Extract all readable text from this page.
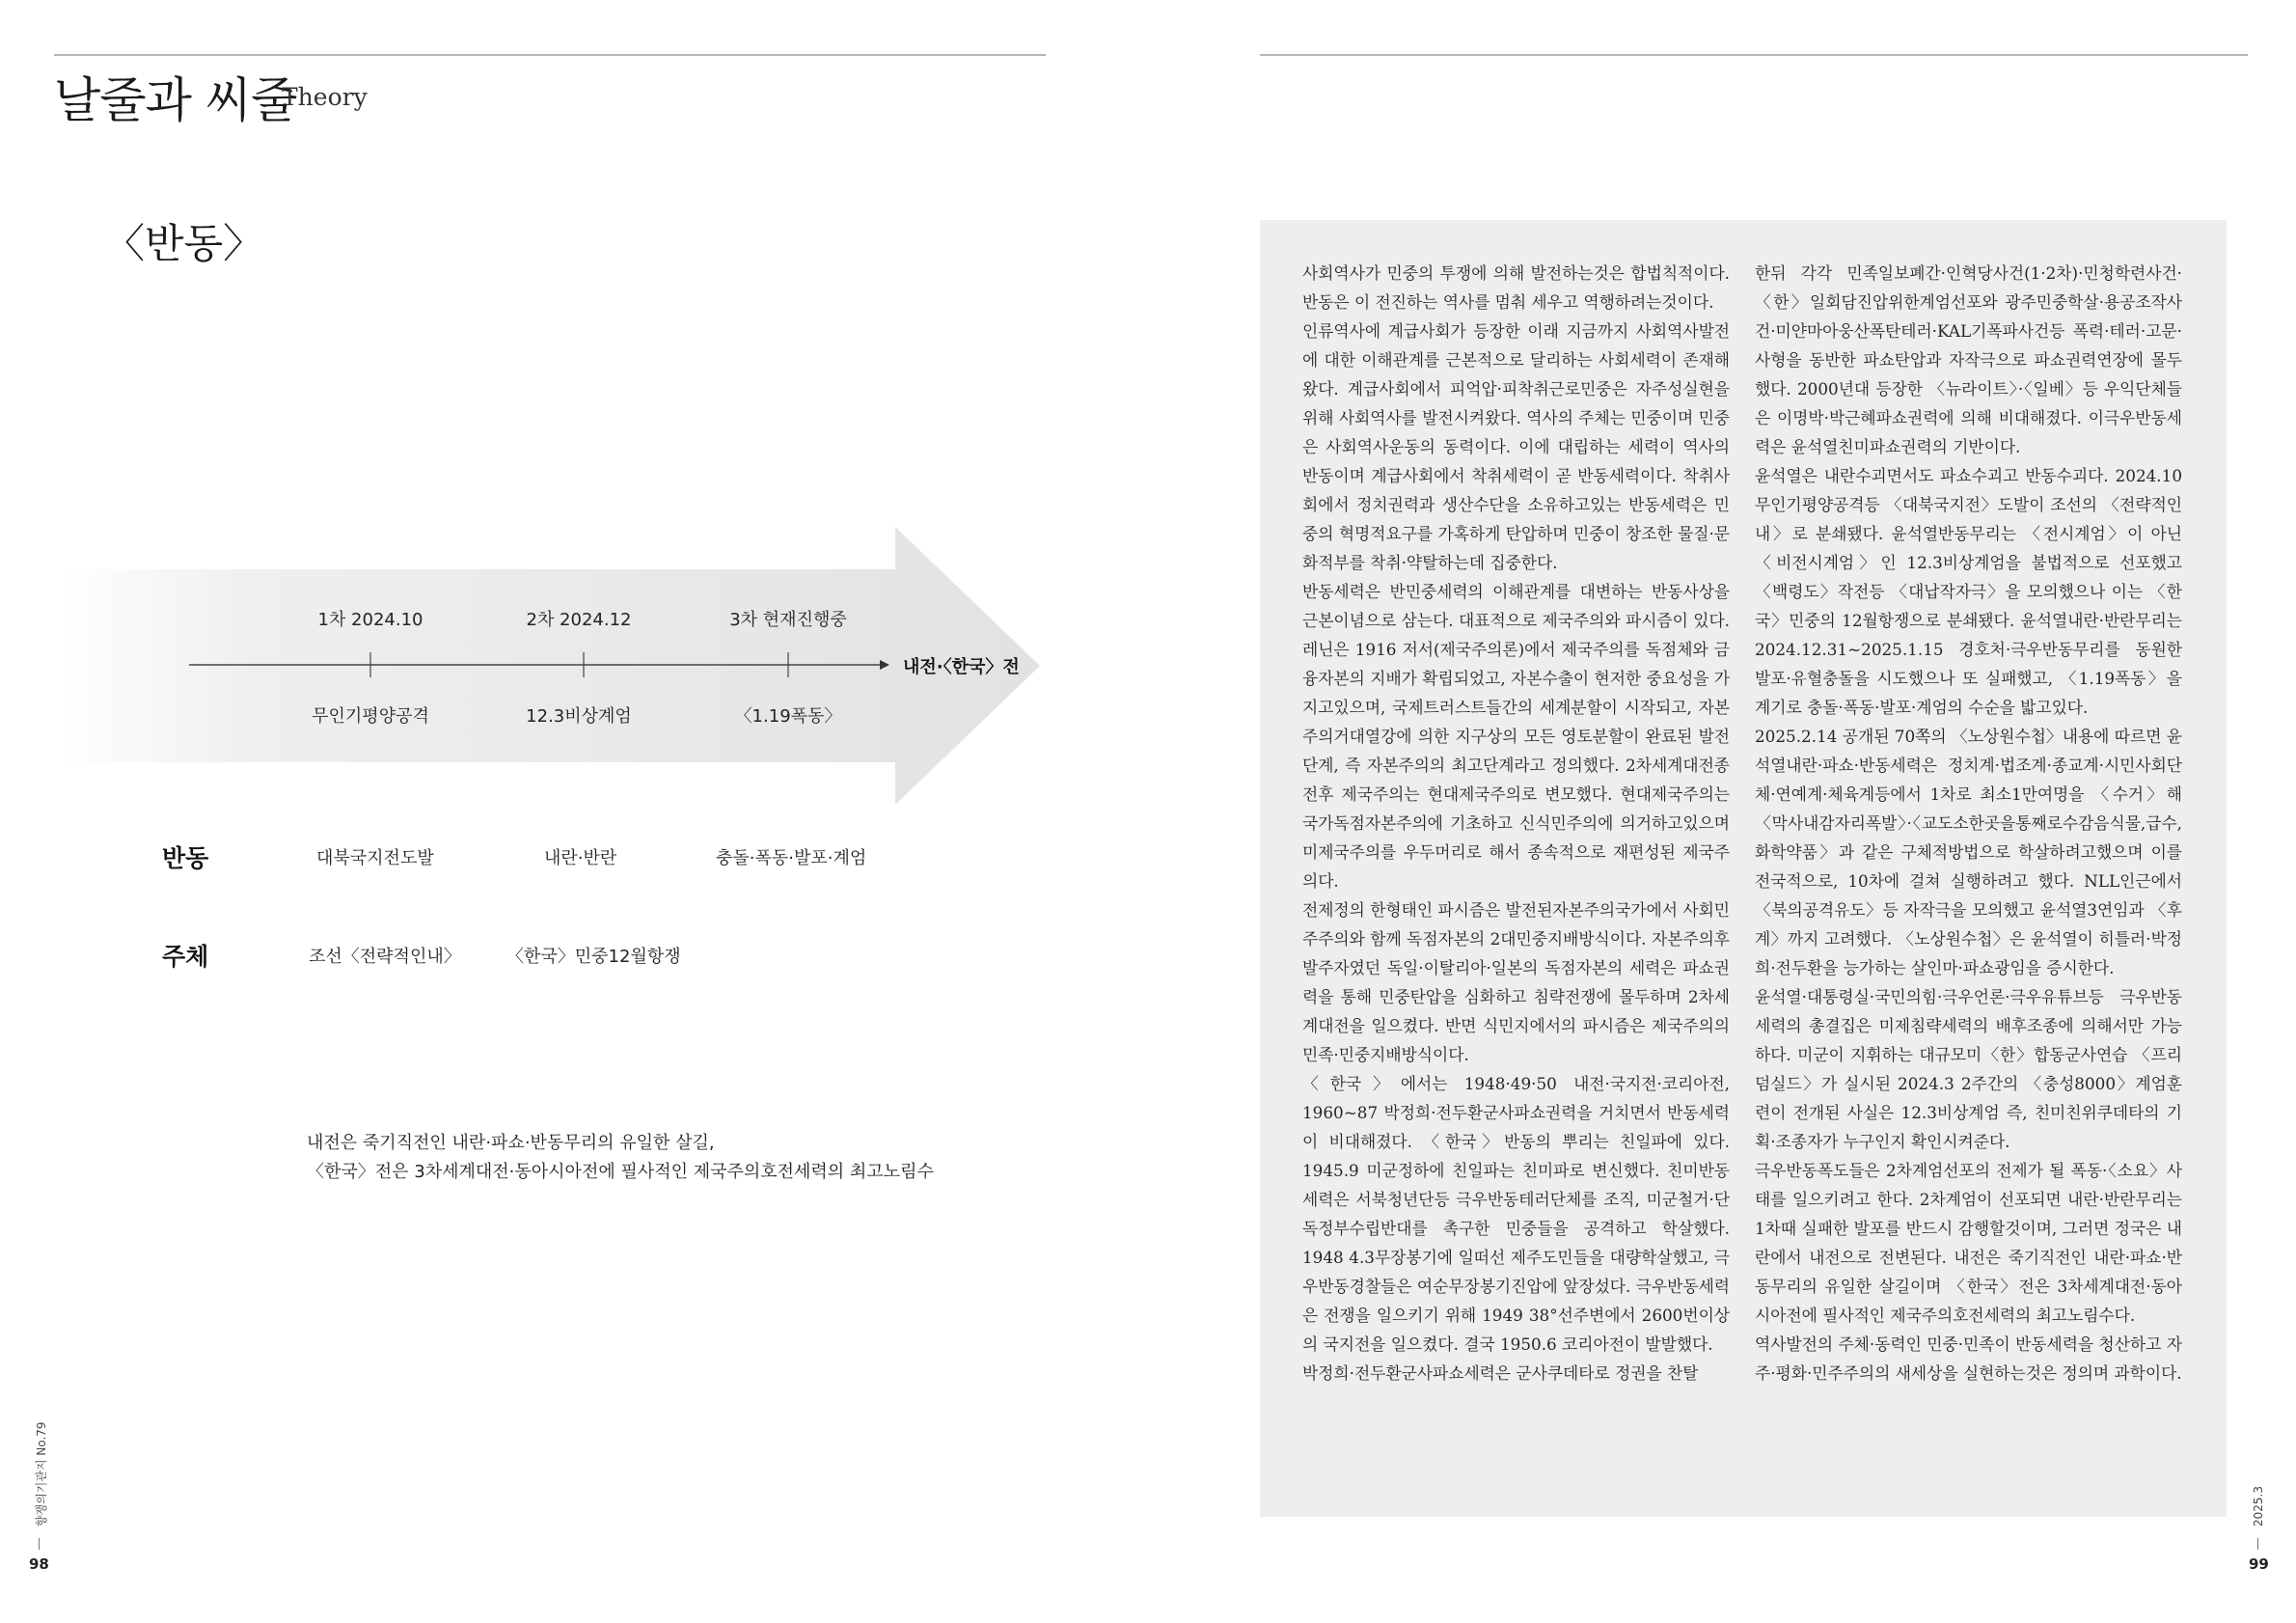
날줄과 씨줄
Theory
〈반동〉
1차 2024.10	2차 2024.12	3차 현재진행중
무인기평양공격	12.3비상계엄	〈1.19폭동〉
내전·〈한국〉전
반동	대북국지전도발	내란·반란	충돌·폭동·발포·계엄
주체	조선〈전략적인내〉	〈한국〉민중12월항쟁
내전은 죽기직전인 내란·파쇼·반동무리의 유일한 살길,
〈한국〉전은 3차세계대전·동아시아전에 필사적인 제국주의호전세력의 최고노림수

사회역사가 민중의 투쟁에 의해 발전하는것은 합법칙적이다. 반동은 이 전진하는 역사를 멈춰 세우고 역행하려는것이다.

인류역사에 계급사회가 등장한 이래 지금까지 사회역사발전에 대한 이해관계를 근본적으로 달리하는 사회세력이 존재해왔다. 계급사회에서 피억압·피착취근로민중은 자주성실현을 위해 사회역사를 발전시켜왔다. 역사의 주체는 민중이며 민중은 사회역사운동의 동력이다. 이에 대립하는 세력이 역사의 반동이며 계급사회에서 착취세력이 곧 반동세력이다. 착취사회에서 정치권력과 생산수단을 소유하고있는 반동세력은 민중의 혁명적요구를 가혹하게 탄압하며 민중이 창조한 물질·문화적부를 착취·약탈하는데 집중한다.

반동세력은 반민중세력의 이해관계를 대변하는 반동사상을 근본이념으로 삼는다. 대표적으로 제국주의와 파시즘이 있다. 레닌은 1916 저서(제국주의론)에서 제국주의를 독점체와 금융자본의 지배가 확립되었고, 자본수출이 현저한 중요성을 가지고있으며, 국제트러스트들간의 세계분할이 시작되고, 자본주의거대열강에 의한 지구상의 모든 영토분할이 완료된 발전단계, 즉 자본주의의 최고단계라고 정의했다. 2차세계대전종전후 제국주의는 현대제국주의로 변모했다. 현대제국주의는 국가독점자본주의에 기초하고 신식민주의에 의거하고있으며 미제국주의를 우두머리로 해서 종속적으로 재편성된 제국주의다.

전제정의 한형태인 파시즘은 발전된자본주의국가에서 사회민주주의와 함께 독점자본의 2대민중지배방식이다. 자본주의후발주자였던 독일·이탈리아·일본의 독점자본의 세력은 파쇼권력을 통해 민중탄압을 심화하고 침략전쟁에 몰두하며 2차세계대전을 일으켰다. 반면 식민지에서의 파시즘은 제국주의의 민족·민중지배방식이다.

〈한국〉에서는 1948·49·50 내전·국지전·코리아전, 1960~87 박정희·전두환군사파쇼권력을 거치면서 반동세력이 비대해졌다. 〈한국〉반동의 뿌리는 친일파에 있다. 1945.9 미군정하에 친일파는 친미파로 변신했다. 친미반동세력은 서북청년단등 극우반동테러단체를 조직, 미군철거·단독정부수립반대를 촉구한 민중들을 공격하고 학살했다. 1948 4.3무장봉기에 일떠선 제주도민들을 대량학살했고, 극우반동경찰들은 여순무장봉기진압에 앞장섰다. 극우반동세력은 전쟁을 일으키기 위해 1949 38°선주변에서 2600번이상의 국지전을 일으켰다. 결국 1950.6 코리아전이 발발했다.

박정희·전두환군사파쇼세력은 군사쿠데타로 정권을 찬탈

한뒤 각각 민족일보폐간·인혁당사건(1·2차)·민청학련사건·〈한〉일회담진압위한계엄선포와 광주민중학살·용공조작사건·미얀마아웅산폭탄테러·KAL기폭파사건등 폭력·테러·고문·사형을 동반한 파쇼탄압과 자작극으로 파쇼권력연장에 몰두했다. 2000년대 등장한 〈뉴라이트〉·〈일베〉등 우익단체들은 이명박·박근혜파쇼권력에 의해 비대해졌다. 이극우반동세력은 윤석열친미파쇼권력의 기반이다.

윤석열은 내란수괴면서도 파쇼수괴고 반동수괴다. 2024.10 무인기평양공격등 〈대북국지전〉도발이 조선의 〈전략적인내〉로 분쇄됐다. 윤석열반동무리는 〈전시계엄〉이 아닌 〈비전시계엄〉인 12.3비상계엄을 불법적으로 선포했고 〈백령도〉작전등 〈대납작자극〉을 모의했으나 이는 〈한국〉민중의 12월항쟁으로 분쇄됐다. 윤석열내란·반란무리는 2024.12.31~2025.1.15 경호처·극우반동무리를 동원한 발포·유혈충돌을 시도했으나 또 실패했고, 〈1.19폭동〉을 계기로 충돌·폭동·발포·계엄의 수순을 밟고있다.

2025.2.14 공개된 70쪽의 〈노상원수첩〉내용에 따르면 윤석열내란·파쇼·반동세력은 정치계·법조계·종교계·시민사회단체·연예계·체육계등에서 1차로 최소1만여명을 〈수거〉해 〈막사내감자리폭발〉·〈교도소한곳을통째로수감음식물,급수,화학약품〉과 같은 구체적방법으로 학살하려고했으며 이를 전국적으로, 10차에 걸쳐 실행하려고 했다. NLL인근에서 〈북의공격유도〉등 자작극을 모의했고 윤석열3연임과 〈후계〉까지 고려했다. 〈노상원수첩〉은 윤석열이 히틀러·박정희·전두환을 능가하는 살인마·파쇼광임을 증시한다.

윤석열·대통령실·국민의힘·극우언론·극우유튜브등 극우반동세력의 총결집은 미제침략세력의 배후조종에 의해서만 가능하다. 미군이 지휘하는 대규모미〈한〉합동군사연습 〈프리덤실드〉가 실시된 2024.3 2주간의 〈충성8000〉계엄훈련이 전개된 사실은 12.3비상계엄 즉, 친미친위쿠데타의 기획·조종자가 누구인지 확인시켜준다.

극우반동폭도들은 2차계엄선포의 전제가 될 폭동·〈소요〉사태를 일으키려고 한다. 2차계엄이 선포되면 내란·반란무리는 1차때 실패한 발포를 반드시 감행할것이며, 그러면 정국은 내란에서 내전으로 전변된다. 내전은 죽기직전인 내란·파쇼·반동무리의 유일한 살길이며 〈한국〉전은 3차세계대전·동아시아전에 필사적인 제국주의호전세력의 최고노림수다.

역사발전의 주체·동력인 민중·민족이 반동세력을 청산하고 자주·평화·민주주의의 새세상을 실현하는것은 정의며 과학이다.

향쟁의기관지 No.79
98
2025.3
99
